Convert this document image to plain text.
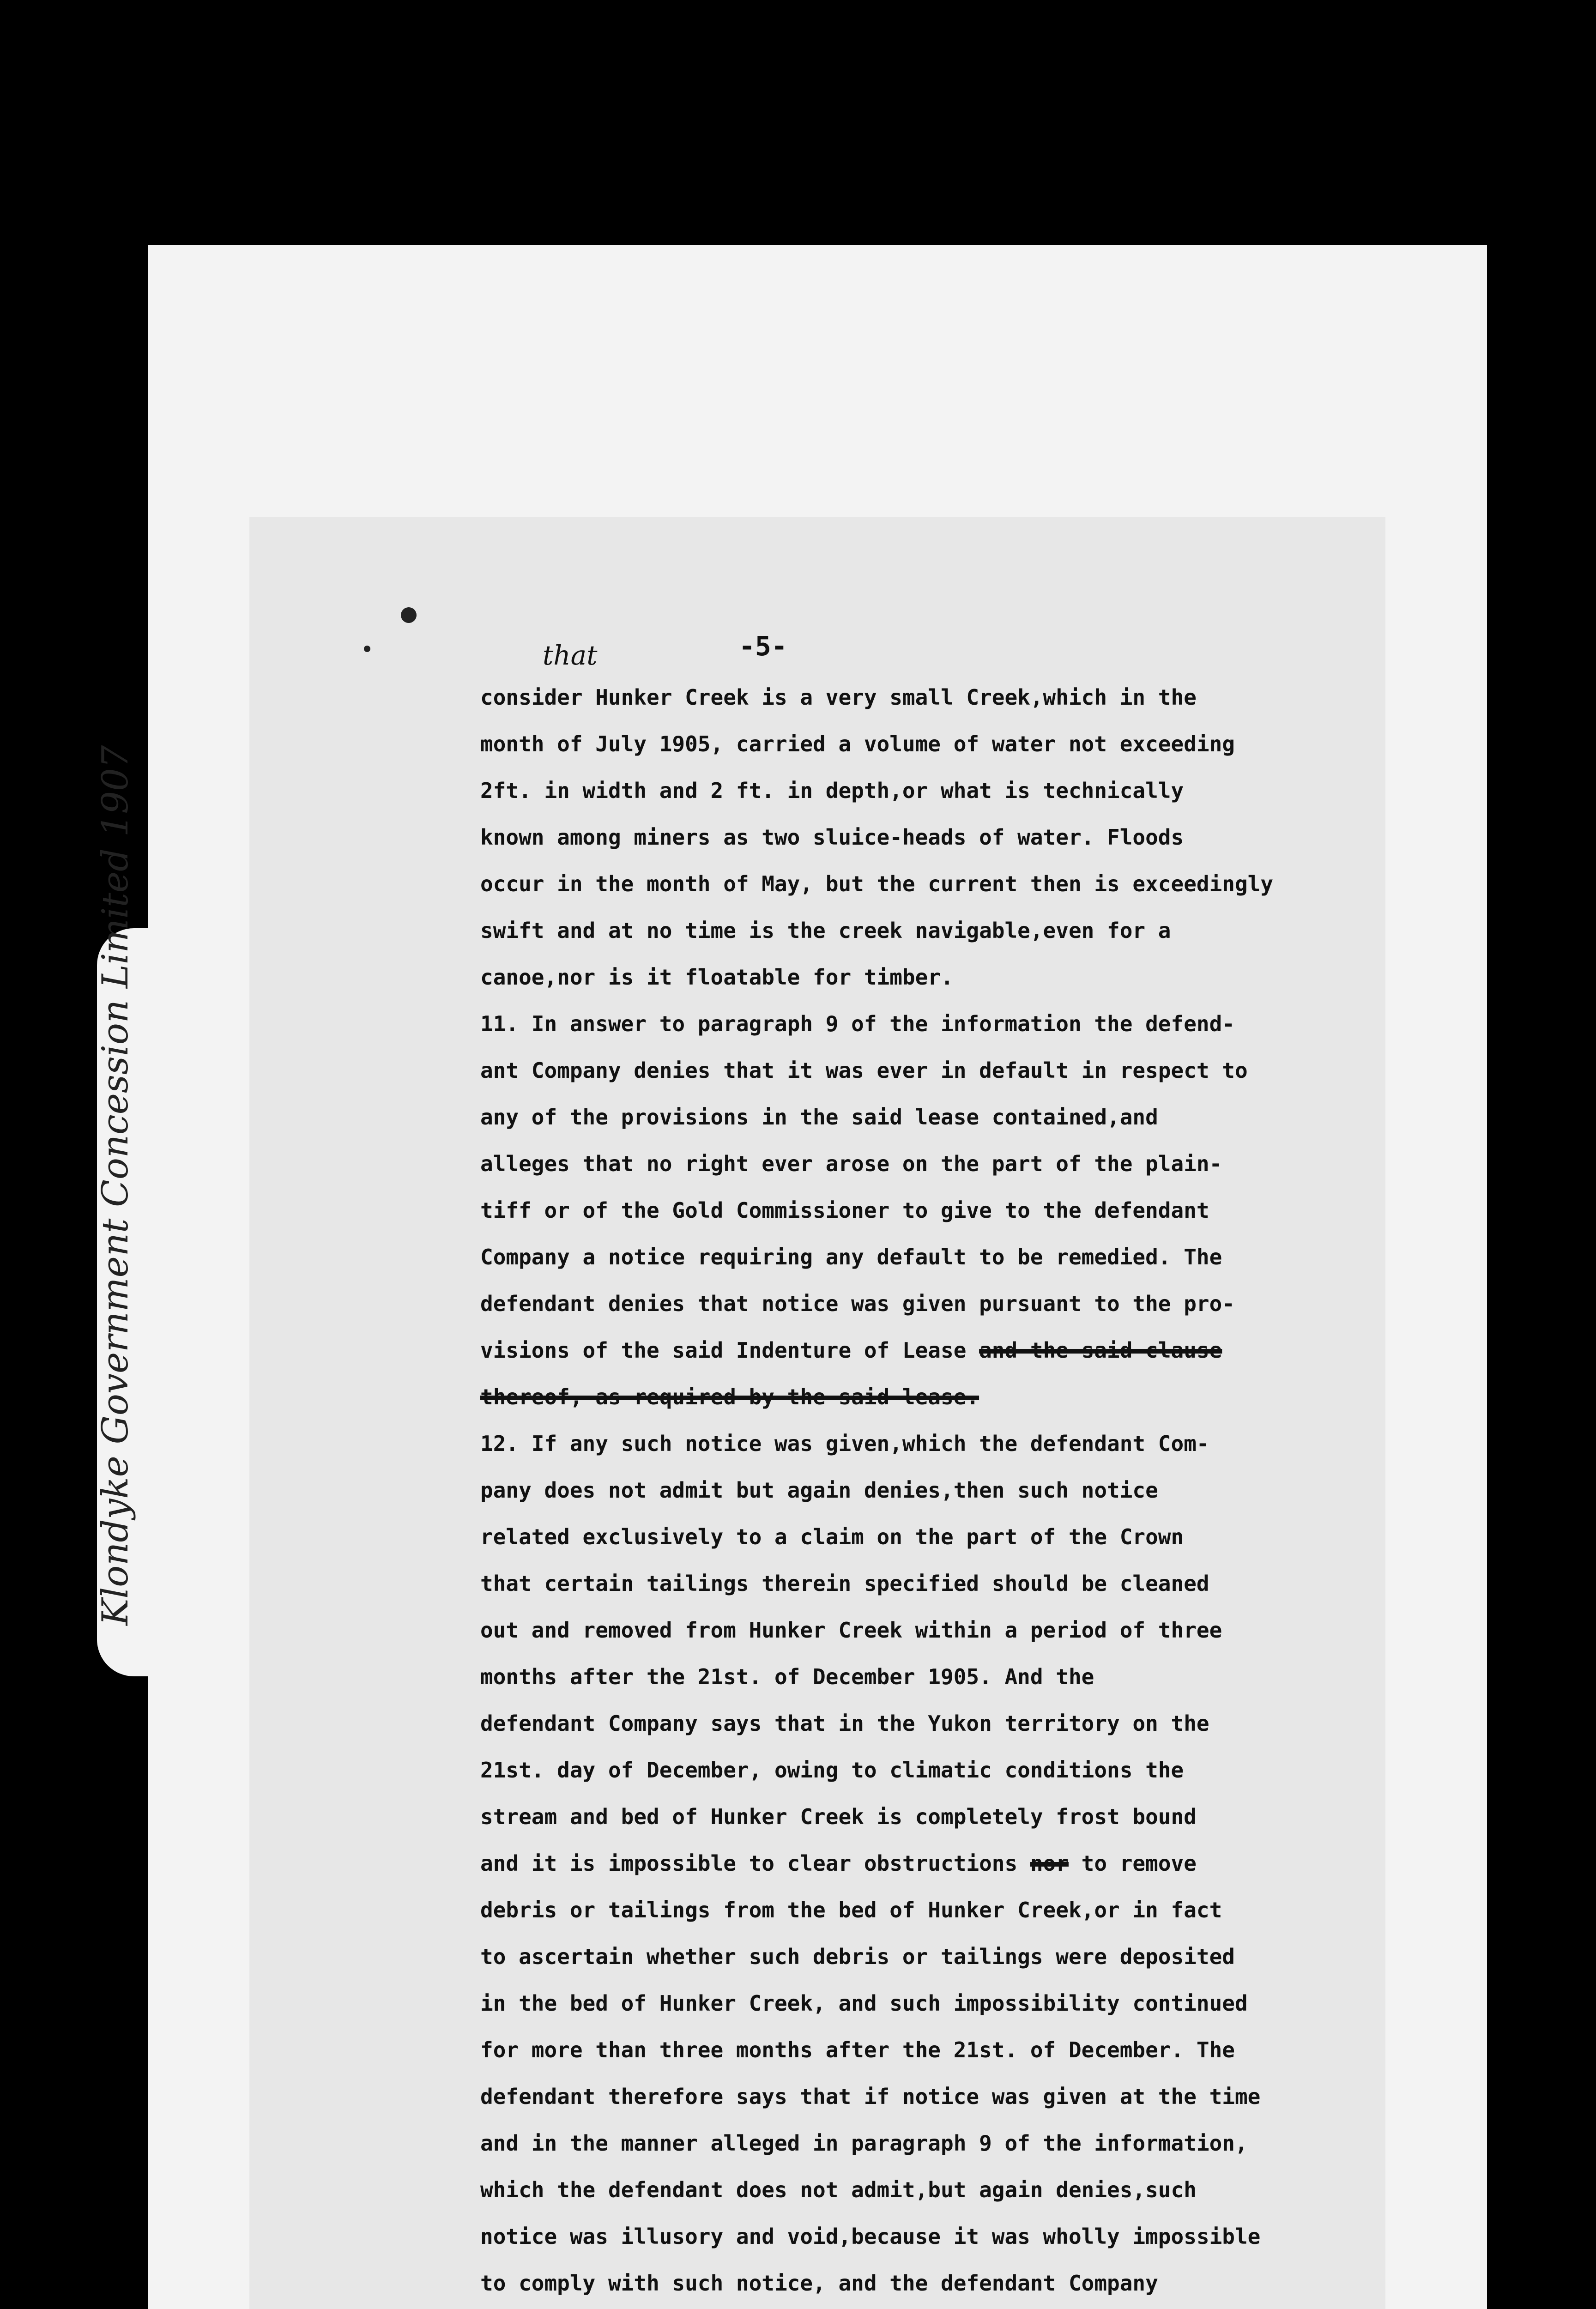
Klondyke Government Concession Limited 1907
-5-
that
consider Hunker Creek is a very small Creek,which in the
month of July 1905, carried a volume of water not exceeding
2ft. in width and 2 ft. in depth,or what is technically
known among miners as two sluice-heads of water. Floods
occur in the month of May, but the current then is exceedingly
swift and at no time is the creek navigable,even for a
canoe,nor is it floatable for timber.
11. In answer to paragraph 9 of the information the defend-
ant Company denies that it was ever in default in respect to
any of the provisions in the said lease contained,and
alleges that no right ever arose on the part of the plain-
tiff or of the Gold Commissioner to give to the defendant
Company a notice requiring any default to be remedied. The
defendant denies that notice was given pursuant to the pro-
visions of the said Indenture of Lease and the said clause
thereof, as required by the said lease.
12. If any such notice was given,which the defendant Com-
pany does not admit but again denies,then such notice
related exclusively to a claim on the part of the Crown
that certain tailings therein specified should be cleaned
out and removed from Hunker Creek within a period of three
months after the 21st. of December 1905. And the
defendant Company says that in the Yukon territory on the
21st. day of December, owing to climatic conditions the
stream and bed of Hunker Creek is completely frost bound
and it is impossible to clear obstructions nor to remove
debris or tailings from the bed of Hunker Creek,or in fact
to ascertain whether such debris or tailings were deposited
in the bed of Hunker Creek, and such impossibility continued
for more than three months after the 21st. of December. The
defendant therefore says that if notice was given at the time
and in the manner alleged in paragraph 9 of the information,
which the defendant does not admit,but again denies,such
notice was illusory and void,because it was wholly impossible
to comply with such notice, and the defendant Company
